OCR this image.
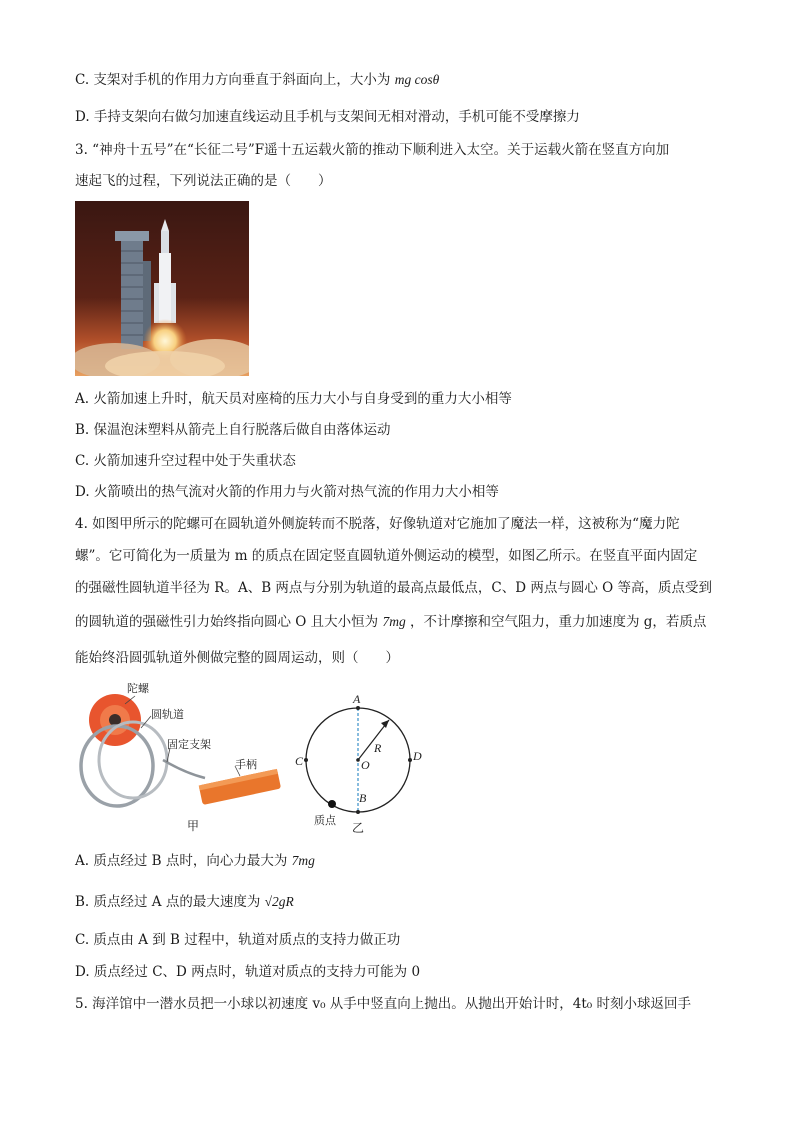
C. 支架对手机的作用力方向垂直于斜面向上，大小为 mg cosθ
D. 手持支架向右做匀加速直线运动且手机与支架间无相对滑动，手机可能不受摩擦力
3. “神舟十五号”在“长征二号”F遥十五运载火箭的推动下顺利进入太空。关于运载火箭在竖直方向加
速起飞的过程，下列说法正确的是（　　）
A. 火箭加速上升时，航天员对座椅的压力大小与自身受到的重力大小相等
B. 保温泡沫塑料从箭壳上自行脱落后做自由落体运动
C. 火箭加速升空过程中处于失重状态
D. 火箭喷出的热气流对火箭的作用力与火箭对热气流的作用力大小相等
4. 如图甲所示的陀螺可在圆轨道外侧旋转而不脱落，好像轨道对它施加了魔法一样，这被称为“魔力陀
螺”。它可简化为一质量为 m 的质点在固定竖直圆轨道外侧运动的模型，如图乙所示。在竖直平面内固定
的强磁性圆轨道半径为 R。A、B 两点与分别为轨道的最高点最低点，C、D 两点与圆心 O 等高，质点受到
的圆轨道的强磁性引力始终指向圆心 O 且大小恒为 7mg ，不计摩擦和空气阻力，重力加速度为 g，若质点
能始终沿圆弧轨道外侧做完整的圆周运动，则（　　）
陀螺
圆轨道
固定支架
手柄
甲
A
B
C	D
O
R
质点
乙
A. 质点经过 B 点时，向心力最大为 7mg
B. 质点经过 A 点的最大速度为 √2gR
C. 质点由 A 到 B 过程中，轨道对质点的支持力做正功
D. 质点经过 C、D 两点时，轨道对质点的支持力可能为 0
5. 海洋馆中一潜水员把一小球以初速度 v₀ 从手中竖直向上抛出。从抛出开始计时，4t₀ 时刻小球返回手
